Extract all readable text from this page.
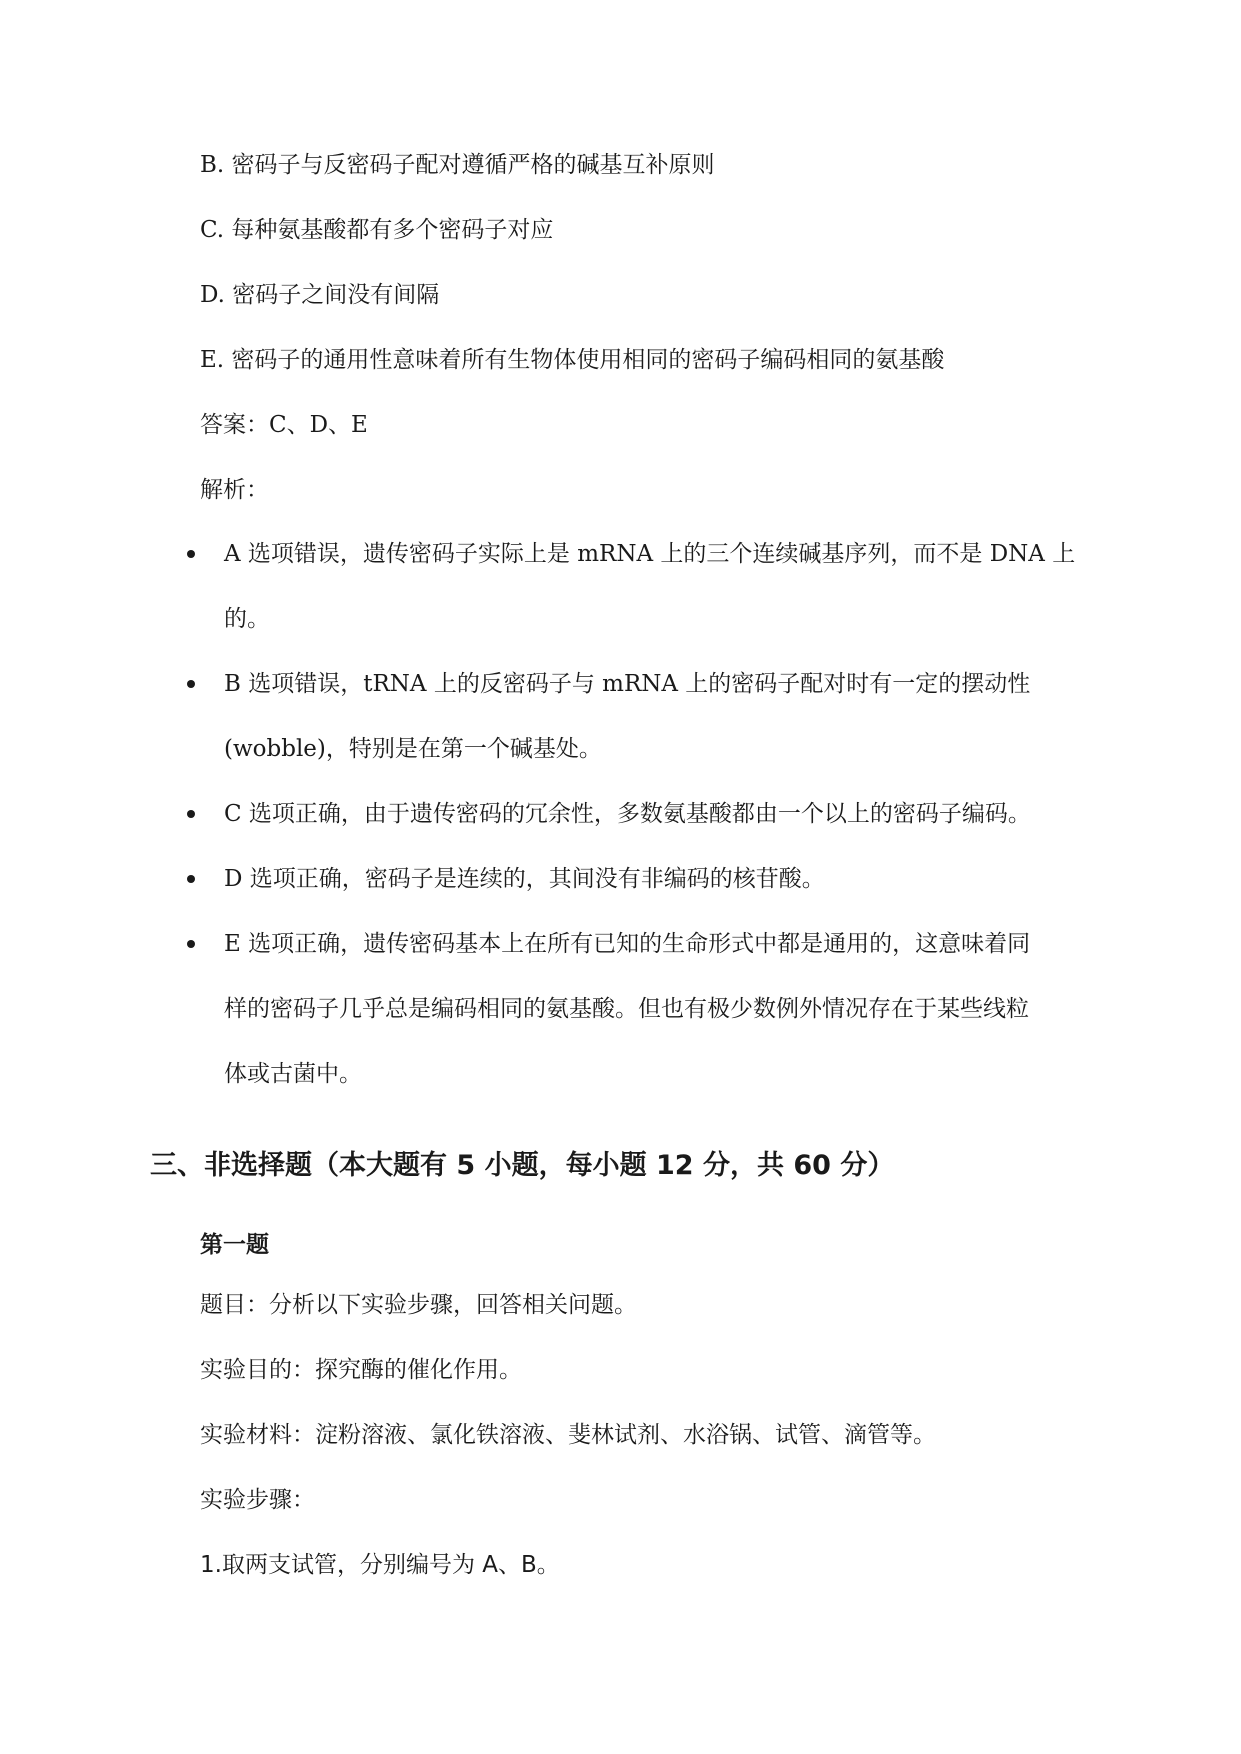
B. 密码子与反密码子配对遵循严格的碱基互补原则
C. 每种氨基酸都有多个密码子对应
D. 密码子之间没有间隔
E. 密码子的通用性意味着所有生物体使用相同的密码子编码相同的氨基酸
答案：C、D、E
解析：
A 选项错误，遗传密码子实际上是 mRNA 上的三个连续碱基序列，而不是 DNA 上
的。
B 选项错误，tRNA 上的反密码子与 mRNA 上的密码子配对时有一定的摆动性
(wobble)，特别是在第一个碱基处。
C 选项正确，由于遗传密码的冗余性，多数氨基酸都由一个以上的密码子编码。
D 选项正确，密码子是连续的，其间没有非编码的核苷酸。
E 选项正确，遗传密码基本上在所有已知的生命形式中都是通用的，这意味着同
样的密码子几乎总是编码相同的氨基酸。但也有极少数例外情况存在于某些线粒
体或古菌中。
三、非选择题（本大题有 5 小题，每小题 12 分，共 60 分）
第一题
题目：分析以下实验步骤，回答相关问题。
实验目的：探究酶的催化作用。
实验材料：淀粉溶液、氯化铁溶液、斐林试剂、水浴锅、试管、滴管等。
实验步骤：
1.取两支试管，分别编号为 A、B。
